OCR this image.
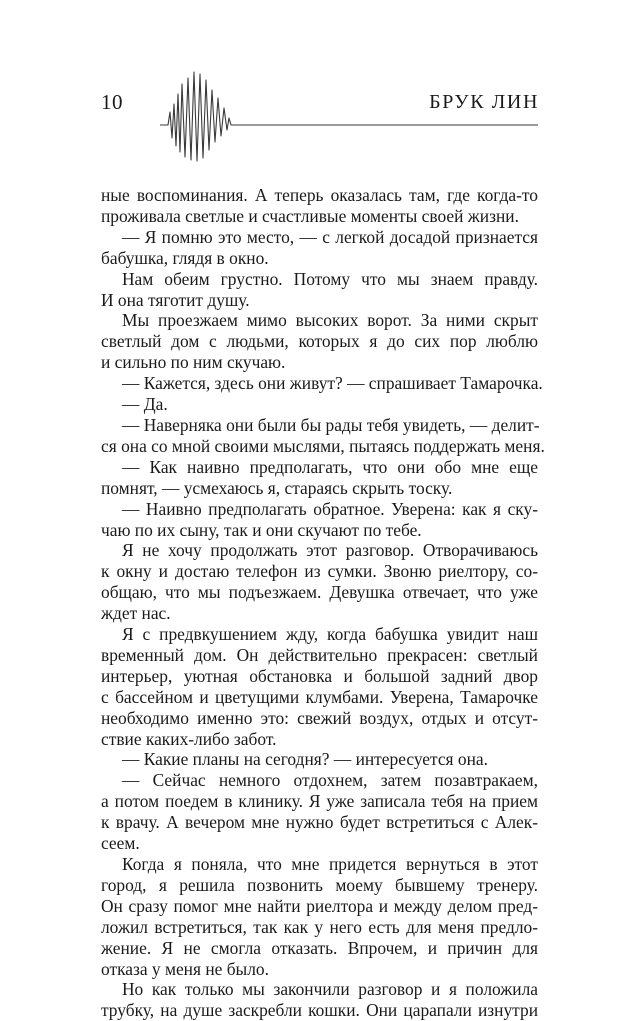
10	БРУК ЛИН

ные воспоминания. А теперь оказалась там, где когда-то

проживала светлые и счастливые моменты своей жизни.

— Я помню это место, — с легкой досадой признается

бабушка, глядя в окно.

Нам обеим грустно. Потому что мы знаем правду.

И она тяготит душу.

Мы проезжаем мимо высоких ворот. За ними скрыт

светлый дом с людьми, которых я до сих пор люблю

и сильно по ним скучаю.

— Кажется, здесь они живут? — спрашивает Тамарочка.

— Да.

— Наверняка они были бы рады тебя увидеть, — делит-

ся она со мной своими мыслями, пытаясь поддержать меня.

— Как наивно предполагать, что они обо мне еще

помнят, — усмехаюсь я, стараясь скрыть тоску.

— Наивно предполагать обратное. Уверена: как я ску-

чаю по их сыну, так и они скучают по тебе.

Я не хочу продолжать этот разговор. Отворачиваюсь

к окну и достаю телефон из сумки. Звоню риелтору, со-

общаю, что мы подъезжаем. Девушка отвечает, что уже

ждет нас.

Я с предвкушением жду, когда бабушка увидит наш

временный дом. Он действительно прекрасен: светлый

интерьер, уютная обстановка и большой задний двор

с бассейном и цветущими клумбами. Уверена, Тамарочке

необходимо именно это: свежий воздух, отдых и отсут-

ствие каких-либо забот.

— Какие планы на сегодня? — интересуется она.

— Сейчас немного отдохнем, затем позавтракаем,

а потом поедем в клинику. Я уже записала тебя на прием

к врачу. А вечером мне нужно будет встретиться с Алек-

сеем.

Когда я поняла, что мне придется вернуться в этот

город, я решила позвонить моему бывшему тренеру.

Он сразу помог мне найти риелтора и между делом пред-

ложил встретиться, так как у него есть для меня предло-

жение. Я не смогла отказать. Впрочем, и причин для

отказа у меня не было.

Но как только мы закончили разговор и я положила

трубку, на душе заскребли кошки. Они царапали изнутри
